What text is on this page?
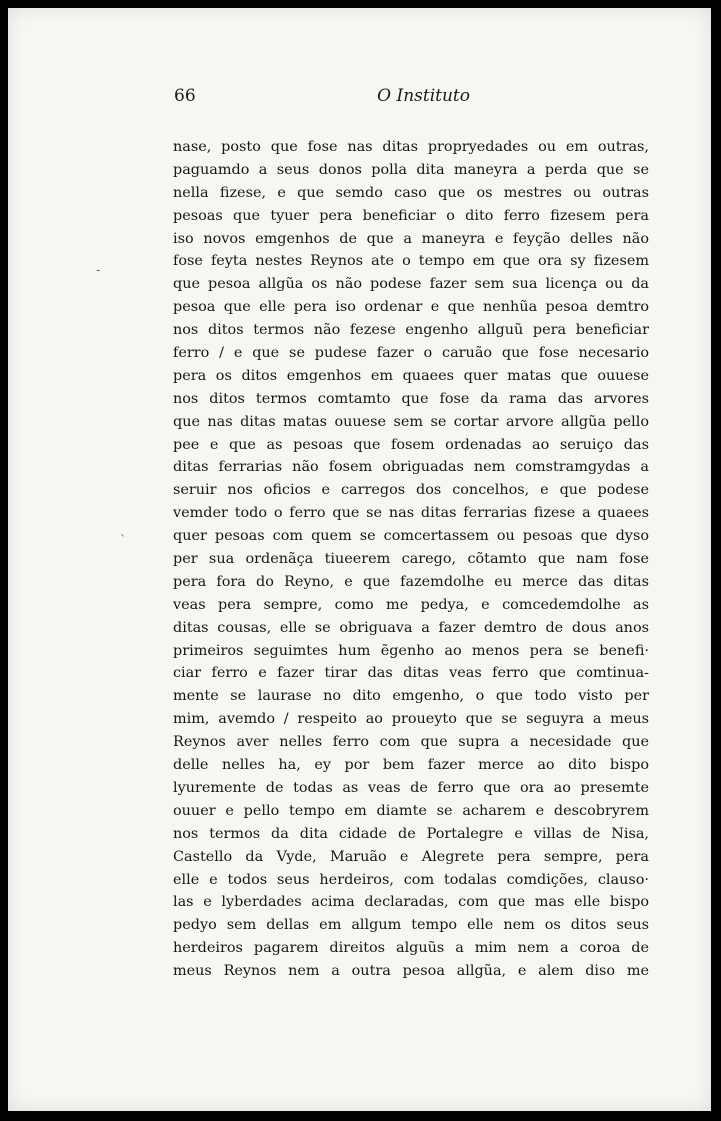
66	O Instituto
-
`
nase, posto que fose nas ditas propryedades ou em outras,
paguamdo a seus donos polla dita maneyra a perda que se
nella fizese, e que semdo caso que os mestres ou outras
pesoas que tyuer pera beneficiar o dito ferro fizesem pera
iso novos emgenhos de que a maneyra e feyção delles não
fose feyta nestes Reynos ate o tempo em que ora sy fizesem
que pesoa allgũa os não podese fazer sem sua licença ou da
pesoa que elle pera iso ordenar e que nenhũa pesoa demtro
nos ditos termos não fezese engenho allguũ pera beneficiar
ferro / e que se pudese fazer o caruão que fose necesario
pera os ditos emgenhos em quaees quer matas que ouuese
nos ditos termos comtamto que fose da rama das arvores
que nas ditas matas ouuese sem se cortar arvore allgũa pello
pee e que as pesoas que fosem ordenadas ao seruiço das
ditas ferrarias não fosem obriguadas nem comstramgydas a
seruir nos oficios e carregos dos concelhos, e que podese
vemder todo o ferro que se nas ditas ferrarias fizese a quaees
quer pesoas com quem se comcertassem ou pesoas que dyso
per sua ordenãça tiueerem carego, cõtamto que nam fose
pera fora do Reyno, e que fazemdolhe eu merce das ditas
veas pera sempre, como me pedya, e comcedemdolhe as
ditas cousas, elle se obriguava a fazer demtro de dous anos
primeiros seguimtes hum ẽgenho ao menos pera se benefi·
ciar ferro e fazer tirar das ditas veas ferro que comtinua-
mente se laurase no dito emgenho, o que todo visto per
mim, avemdo / respeito ao proueyto que se seguyra a meus
Reynos aver nelles ferro com que supra a necesidade que
delle nelles ha, ey por bem fazer merce ao dito bispo
lyuremente de todas as veas de ferro que ora ao presemte
ouuer e pello tempo em diamte se acharem e descobryrem
nos termos da dita cidade de Portalegre e villas de Nisa,
Castello da Vyde, Maruão e Alegrete pera sempre, pera
elle e todos seus herdeiros, com todalas comdições, clauso·
las e lyberdades acima declaradas, com que mas elle bispo
pedyo sem dellas em allgum tempo elle nem os ditos seus
herdeiros pagarem direitos alguũs a mim nem a coroa de
meus Reynos nem a outra pesoa allgũa, e alem diso me
